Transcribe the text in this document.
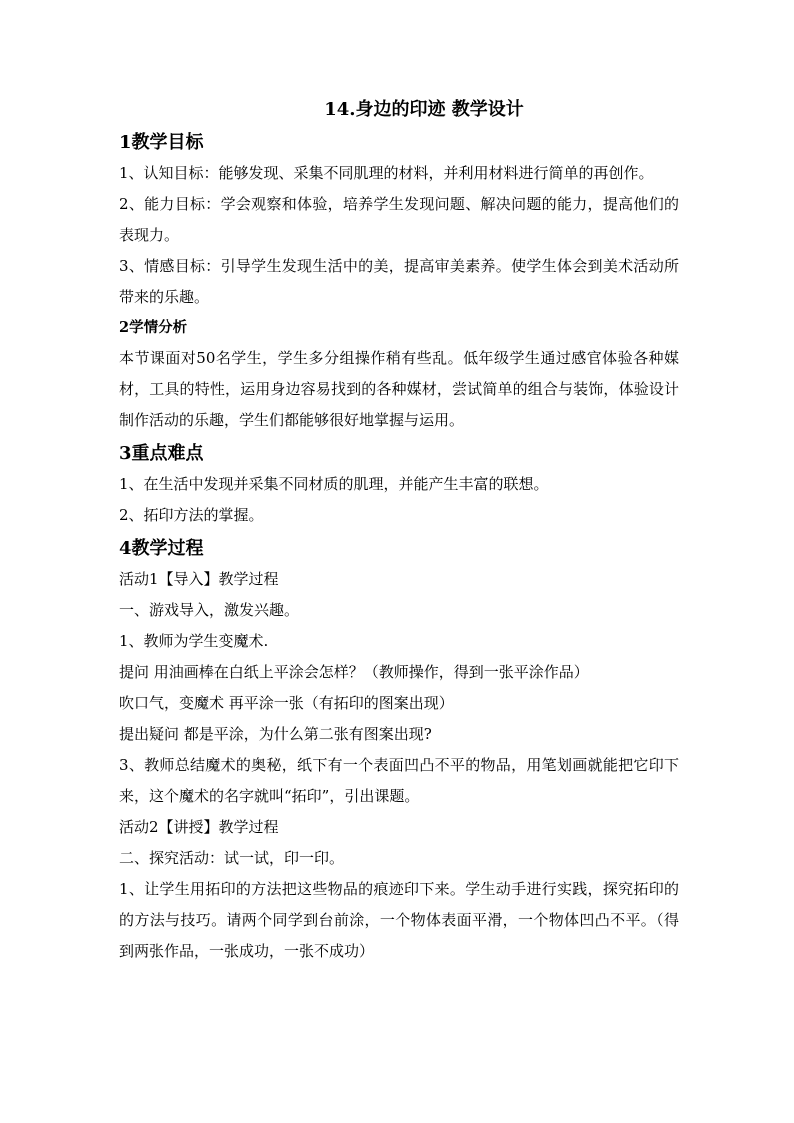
14.身边的印迹 教学设计
1教学目标

1、认知目标：能够发现、采集不同肌理的材料，并利用材料进行简单的再创作。

2、能力目标：学会观察和体验，培养学生发现问题、解决问题的能力，提高他们的表现力。

3、情感目标：引导学生发现生活中的美，提高审美素养。使学生体会到美术活动所带来的乐趣。

2学情分析

本节课面对50名学生，学生多分组操作稍有些乱。低年级学生通过感官体验各种媒材，工具的特性，运用身边容易找到的各种媒材，尝试简单的组合与装饰，体验设计制作活动的乐趣，学生们都能够很好地掌握与运用。

3重点难点

1、在生活中发现并采集不同材质的肌理，并能产生丰富的联想。

2、拓印方法的掌握。

4教学过程

活动1【导入】教学过程

一、游戏导入，激发兴趣。

1、教师为学生变魔术.

提问 用油画棒在白纸上平涂会怎样？（教师操作，得到一张平涂作品）

吹口气，变魔术 再平涂一张（有拓印的图案出现）

提出疑问 都是平涂，为什么第二张有图案出现?

3、教师总结魔术的奥秘，纸下有一个表面凹凸不平的物品，用笔划画就能把它印下来，这个魔术的名字就叫“拓印”，引出课题。

活动2【讲授】教学过程

二、探究活动：试一试，印一印。

1、让学生用拓印的方法把这些物品的痕迹印下来。学生动手进行实践，探究拓印的的方法与技巧。请两个同学到台前涂，一个物体表面平滑，一个物体凹凸不平。（得到两张作品，一张成功，一张不成功）
